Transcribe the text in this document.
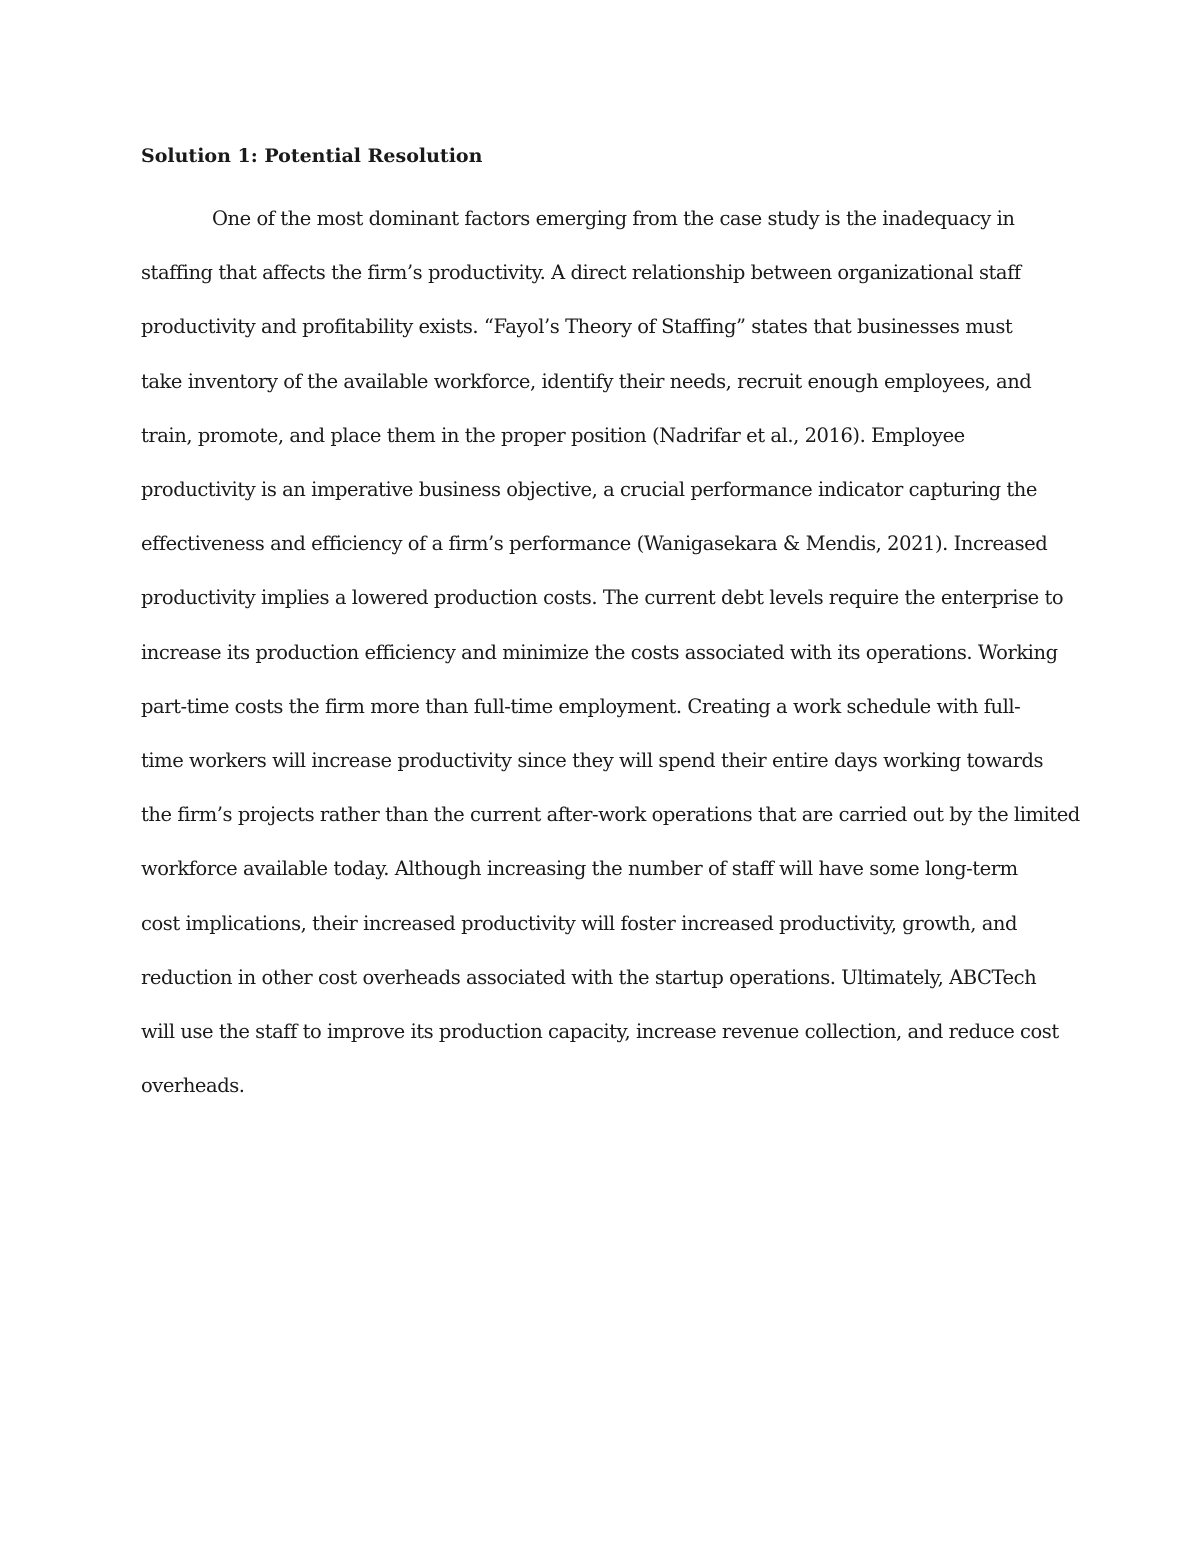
Solution 1: Potential Resolution
One of the most dominant factors emerging from the case study is the inadequacy in
staffing that affects the firm’s productivity. A direct relationship between organizational staff
productivity and profitability exists. “Fayol’s Theory of Staffing” states that businesses must
take inventory of the available workforce, identify their needs, recruit enough employees, and
train, promote, and place them in the proper position (Nadrifar et al., 2016). Employee
productivity is an imperative business objective, a crucial performance indicator capturing the
effectiveness and efficiency of a firm’s performance (Wanigasekara & Mendis, 2021). Increased
productivity implies a lowered production costs. The current debt levels require the enterprise to
increase its production efficiency and minimize the costs associated with its operations. Working
part-time costs the firm more than full-time employment. Creating a work schedule with full-
time workers will increase productivity since they will spend their entire days working towards
the firm’s projects rather than the current after-work operations that are carried out by the limited
workforce available today. Although increasing the number of staff will have some long-term
cost implications, their increased productivity will foster increased productivity, growth, and
reduction in other cost overheads associated with the startup operations. Ultimately, ABCTech
will use the staff to improve its production capacity, increase revenue collection, and reduce cost
overheads.
